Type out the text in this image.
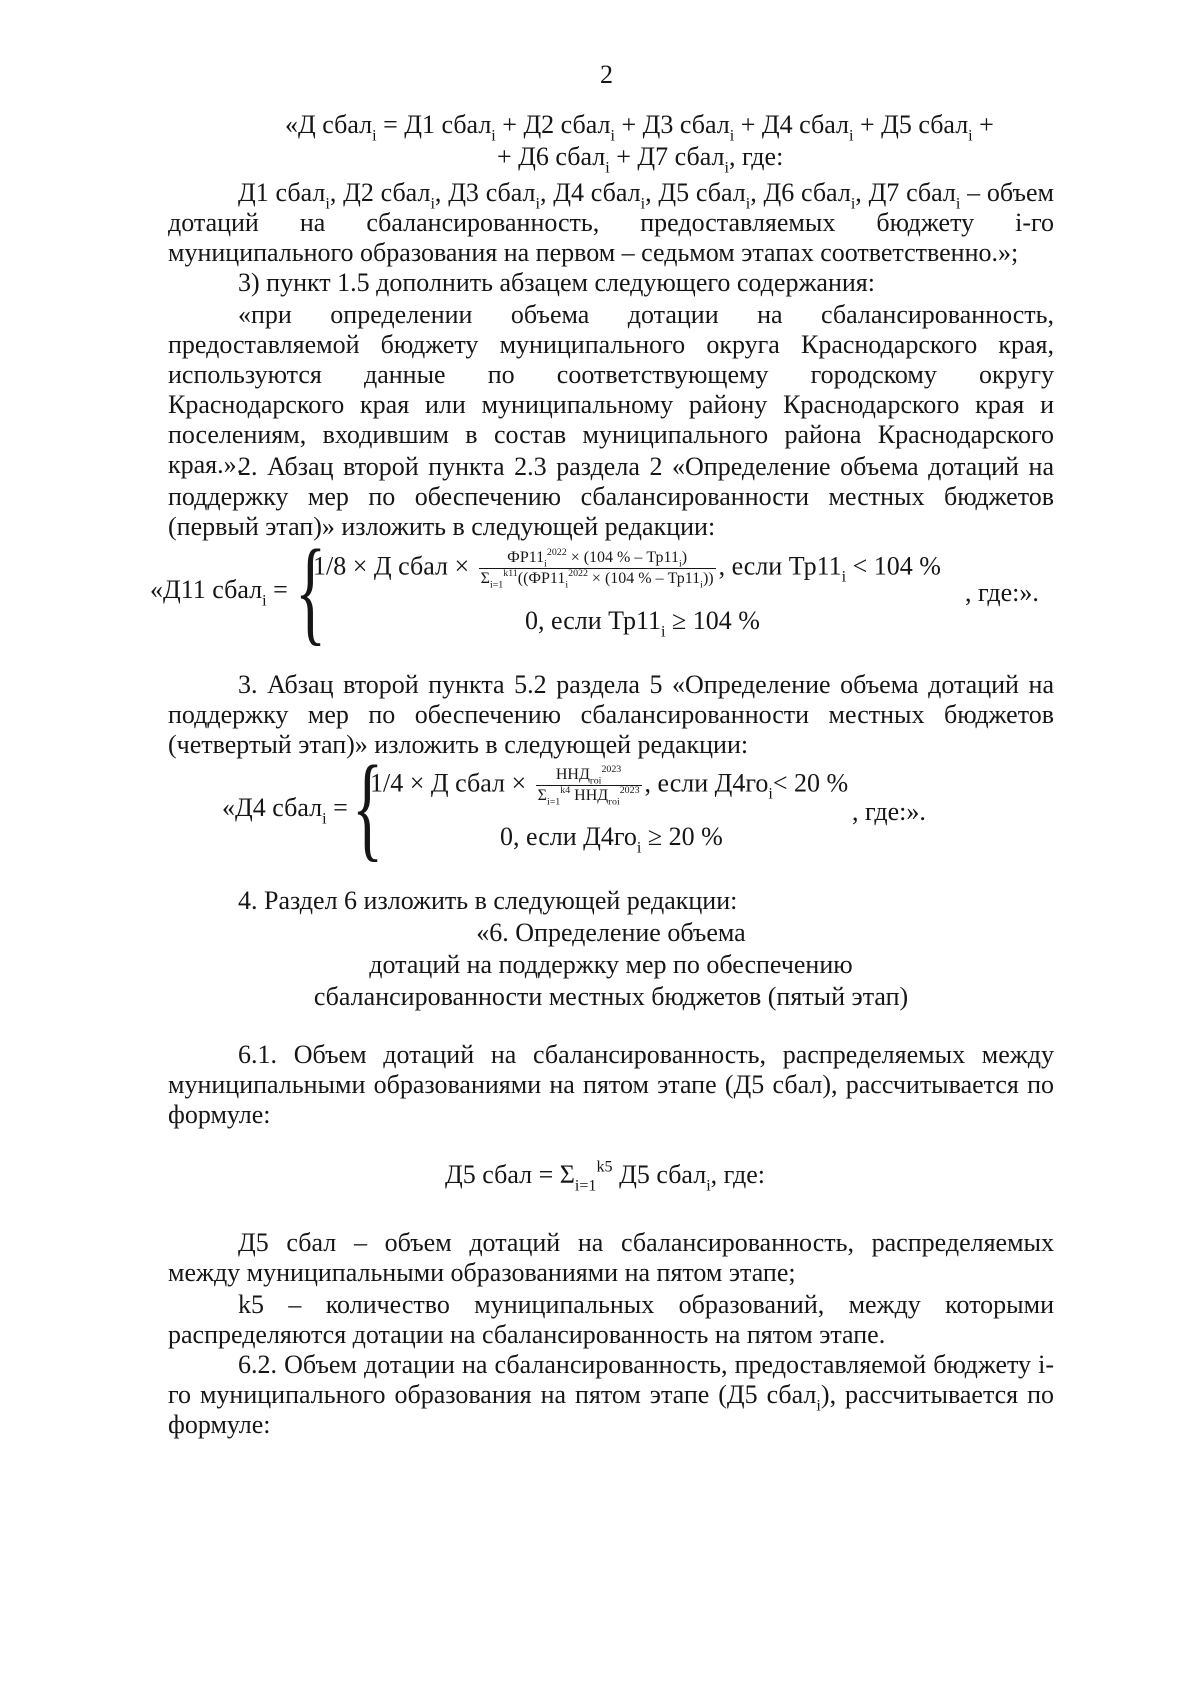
2
«Д сбал$_i$ = Д1 сбал$_i$ + Д2 сбал$_i$ + Д3 сбал$_i$ + Д4 сбал$_i$ + Д5 сбал$_i$ +
+ Д6 сбал$_i$ + Д7 сбал$_i$, где:
Д1 сбал$_i$, Д2 сбал$_i$, Д3 сбал$_i$, Д4 сбал$_i$, Д5 сбал$_i$, Д6 сбал$_i$, Д7 сбал$_i$ – объем дотаций на сбалансированность, предоставляемых бюджету i-го муниципального образования на первом – седьмом этапах соответственно.»;
3) пункт 1.5 дополнить абзацем следующего содержания:
«при определении объема дотации на сбалансированность, предоставляемой бюджету муниципального округа Краснодарского края, используются данные по соответствующему городскому округу Краснодарского края или муниципальному району Краснодарского края и поселениям, входившим в состав муниципального района Краснодарского края.».
2. Абзац второй пункта 2.3 раздела 2 «Определение объема дотаций на поддержку мер по обеспечению сбалансированности местных бюджетов (первый этап)» изложить в следующей редакции:
«Д11 сбал$_i$ = {
1/8 × Д сбал × $\frac{ФР11_i^{2022} \times (104 \% - Тр11_i)}{\Sigma_{i=1}^{k11}((ФР11_i^{2022} \times (104 \% - Тр11_i))}$ , если $Тр11_i < 104$ %
, где:».
0, если $Тр11_i \ge 104$ %
3. Абзац второй пункта 5.2 раздела 5 «Определение объема дотаций на поддержку мер по обеспечению сбалансированности местных бюджетов (четвертый этап)» изложить в следующей редакции:
«Д4 сбал$_i$ = {
1/4 × Д сбал × $\frac{ННД_{гоi}^{2023}}{\Sigma_{i=1}^{k4} ННД_{гоi}^{2023}}$ , если $Д4го_i< 20$ %
, где:».
0, если $Д4го_i \ge 20$ %
4. Раздел 6 изложить в следующей редакции:
«6. Определение объема
дотаций на поддержку мер по обеспечению
сбалансированности местных бюджетов (пятый этап)
6.1. Объем дотаций на сбалансированность, распределяемых между муниципальными образованиями на пятом этапе (Д5 сбал), рассчитывается по формуле:
Д5 сбал = $\Sigma_{i=1}^{k5}$ Д5 сбал$_i$, где:
Д5 сбал – объем дотаций на сбалансированность, распределяемых между муниципальными образованиями на пятом этапе;
k5 – количество муниципальных образований, между которыми распределяются дотации на сбалансированность на пятом этапе.
6.2. Объем дотации на сбалансированность, предоставляемой бюджету i-го муниципального образования на пятом этапе (Д5 сбал$_i$), рассчитывается по формуле:
